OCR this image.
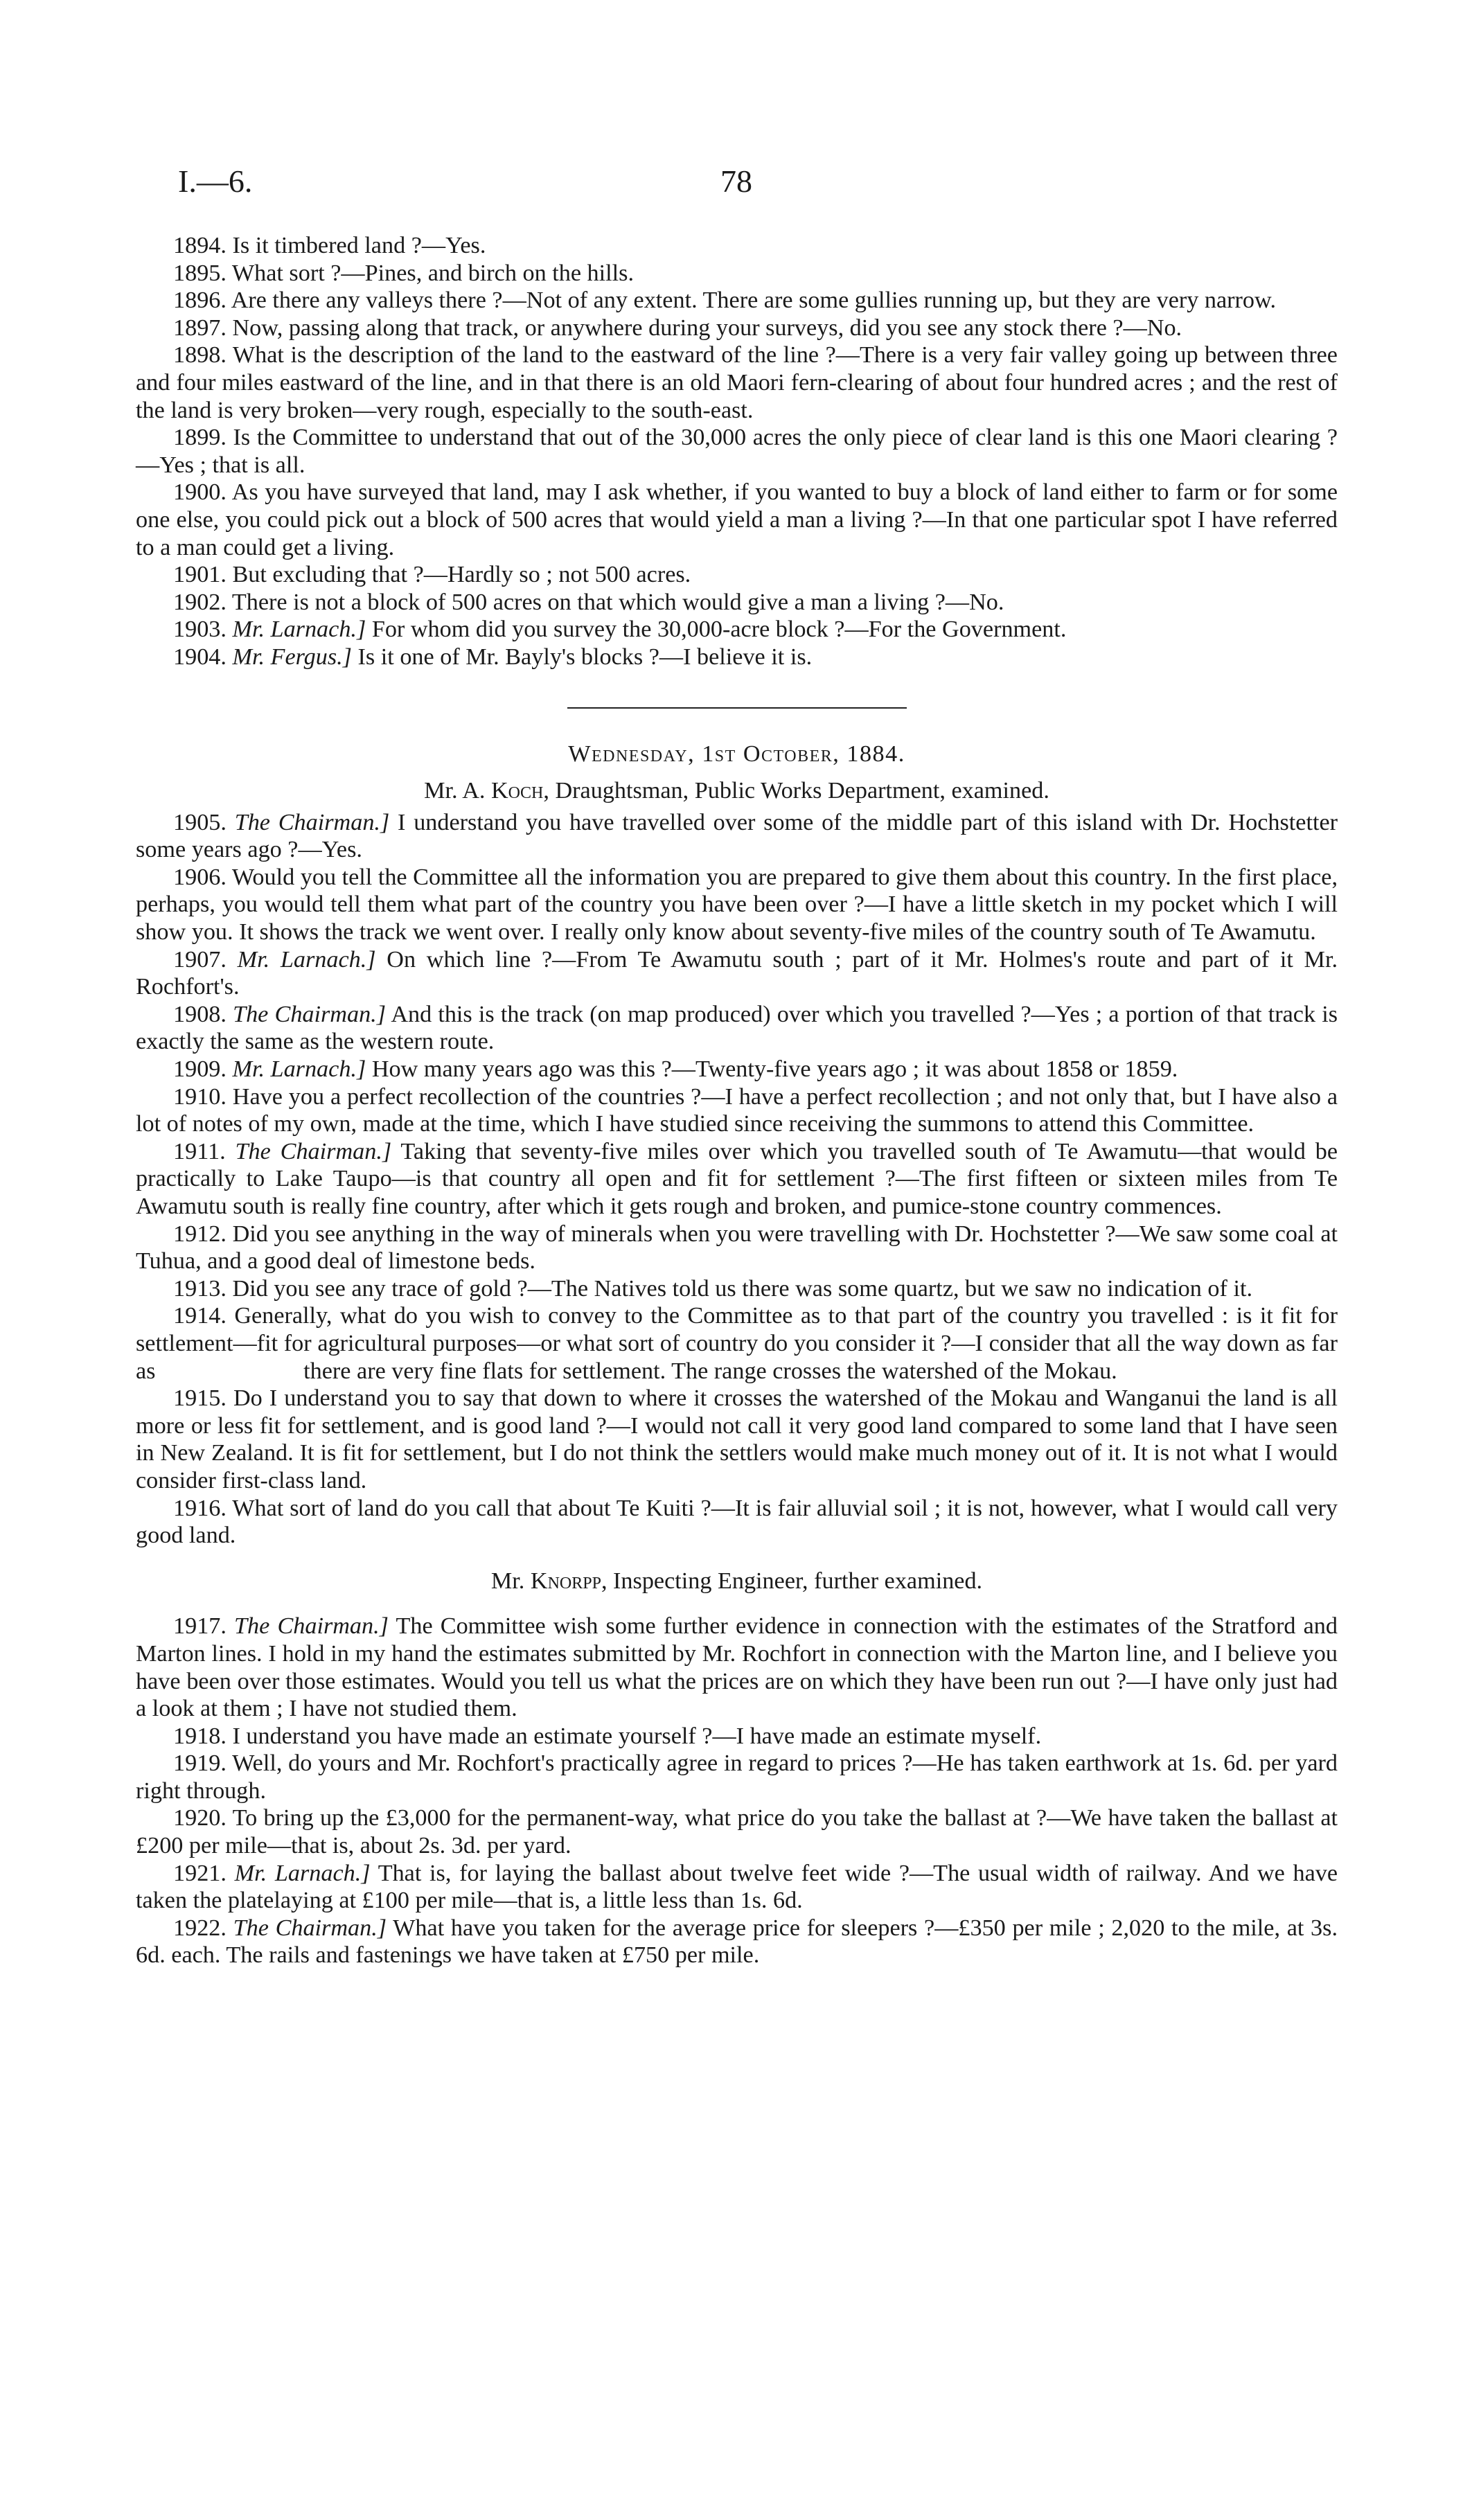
I.—6.	78

1894. Is it timbered land ?—Yes.

1895. What sort ?—Pines, and birch on the hills.

1896. Are there any valleys there ?—Not of any extent. There are some gullies running up, but they are very narrow.

1897. Now, passing along that track, or anywhere during your surveys, did you see any stock there ?—No.

1898. What is the description of the land to the eastward of the line ?—There is a very fair valley going up between three and four miles eastward of the line, and in that there is an old Maori fern-clearing of about four hundred acres ; and the rest of the land is very broken—very rough, especially to the south-east.

1899. Is the Committee to understand that out of the 30,000 acres the only piece of clear land is this one Maori clearing ?—Yes ; that is all.

1900. As you have surveyed that land, may I ask whether, if you wanted to buy a block of land either to farm or for some one else, you could pick out a block of 500 acres that would yield a man a living ?—In that one particular spot I have referred to a man could get a living.

1901. But excluding that ?—Hardly so ; not 500 acres.

1902. There is not a block of 500 acres on that which would give a man a living ?—No.

1903. Mr. Larnach.] For whom did you survey the 30,000-acre block ?—For the Government.

1904. Mr. Fergus.] Is it one of Mr. Bayly's blocks ?—I believe it is.

Wednesday, 1st October, 1884.

Mr. A. Koch, Draughtsman, Public Works Department, examined.

1905. The Chairman.] I understand you have travelled over some of the middle part of this island with Dr. Hochstetter some years ago ?—Yes.

1906. Would you tell the Committee all the information you are prepared to give them about this country. In the first place, perhaps, you would tell them what part of the country you have been over ?—I have a little sketch in my pocket which I will show you. It shows the track we went over. I really only know about seventy-five miles of the country south of Te Awamutu.

1907. Mr. Larnach.] On which line ?—From Te Awamutu south ; part of it Mr. Holmes's route and part of it Mr. Rochfort's.

1908. The Chairman.] And this is the track (on map produced) over which you travelled ?—Yes ; a portion of that track is exactly the same as the western route.

1909. Mr. Larnach.] How many years ago was this ?—Twenty-five years ago ; it was about 1858 or 1859.

1910. Have you a perfect recollection of the countries ?—I have a perfect recollection ; and not only that, but I have also a lot of notes of my own, made at the time, which I have studied since receiving the summons to attend this Committee.

1911. The Chairman.] Taking that seventy-five miles over which you travelled south of Te Awamutu—that would be practically to Lake Taupo—is that country all open and fit for settlement ?—The first fifteen or sixteen miles from Te Awamutu south is really fine country, after which it gets rough and broken, and pumice-stone country commences.

1912. Did you see anything in the way of minerals when you were travelling with Dr. Hochstetter ?—We saw some coal at Tuhua, and a good deal of limestone beds.

1913. Did you see any trace of gold ?—The Natives told us there was some quartz, but we saw no indication of it.

1914. Generally, what do you wish to convey to the Committee as to that part of the country you travelled : is it fit for settlement—fit for agricultural purposes—or what sort of country do you consider it ?—I consider that all the way down as far as                         there are very fine flats for settlement. The range crosses the watershed of the Mokau.

1915. Do I understand you to say that down to where it crosses the watershed of the Mokau and Wanganui the land is all more or less fit for settlement, and is good land ?—I would not call it very good land compared to some land that I have seen in New Zealand. It is fit for settlement, but I do not think the settlers would make much money out of it. It is not what I would consider first-class land.

1916. What sort of land do you call that about Te Kuiti ?—It is fair alluvial soil ; it is not, however, what I would call very good land.

Mr. Knorpp, Inspecting Engineer, further examined.

1917. The Chairman.] The Committee wish some further evidence in connection with the estimates of the Stratford and Marton lines. I hold in my hand the estimates submitted by Mr. Rochfort in connection with the Marton line, and I believe you have been over those estimates. Would you tell us what the prices are on which they have been run out ?—I have only just had a look at them ; I have not studied them.

1918. I understand you have made an estimate yourself ?—I have made an estimate myself.

1919. Well, do yours and Mr. Rochfort's practically agree in regard to prices ?—He has taken earthwork at 1s. 6d. per yard right through.

1920. To bring up the £3,000 for the permanent-way, what price do you take the ballast at ?—We have taken the ballast at £200 per mile—that is, about 2s. 3d. per yard.

1921. Mr. Larnach.] That is, for laying the ballast about twelve feet wide ?—The usual width of railway. And we have taken the platelaying at £100 per mile—that is, a little less than 1s. 6d.

1922. The Chairman.] What have you taken for the average price for sleepers ?—£350 per mile ; 2,020 to the mile, at 3s. 6d. each. The rails and fastenings we have taken at £750 per mile.
